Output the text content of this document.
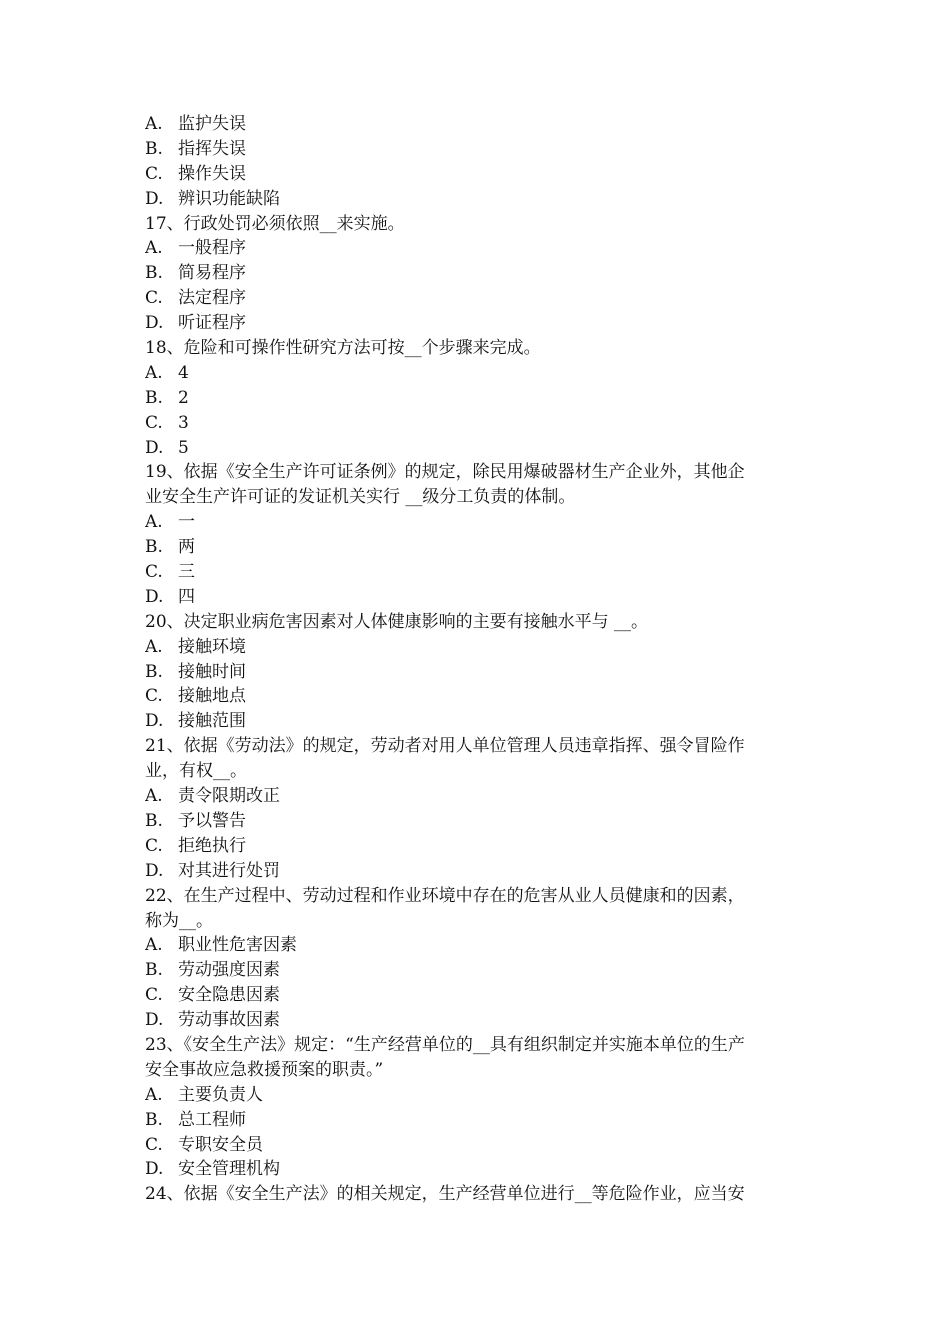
A. 监护失误
B. 指挥失误
C. 操作失误
D. 辨识功能缺陷
17、行政处罚必须依照__来实施。
A. 一般程序
B. 简易程序
C. 法定程序
D. 听证程序
18、危险和可操作性研究方法可按__个步骤来完成。
A. 4
B. 2
C. 3
D. 5
19、依据《安全生产许可证条例》的规定，除民用爆破器材生产企业外，其他企
业安全生产许可证的发证机关实行 __级分工负责的体制。
A. 一
B. 两
C. 三
D. 四
20、决定职业病危害因素对人体健康影响的主要有接触水平与 __。
A. 接触环境
B. 接触时间
C. 接触地点
D. 接触范围
21、依据《劳动法》的规定，劳动者对用人单位管理人员违章指挥、强令冒险作
业，有权__。
A. 责令限期改正
B. 予以警告
C. 拒绝执行
D. 对其进行处罚
22、在生产过程中、劳动过程和作业环境中存在的危害从业人员健康和的因素，
称为__。
A. 职业性危害因素
B. 劳动强度因素
C. 安全隐患因素
D. 劳动事故因素
23、《安全生产法》规定：“生产经营单位的__具有组织制定并实施本单位的生产
安全事故应急救援预案的职责。”
A. 主要负责人
B. 总工程师
C. 专职安全员
D. 安全管理机构
24、依据《安全生产法》的相关规定，生产经营单位进行__等危险作业，应当安
